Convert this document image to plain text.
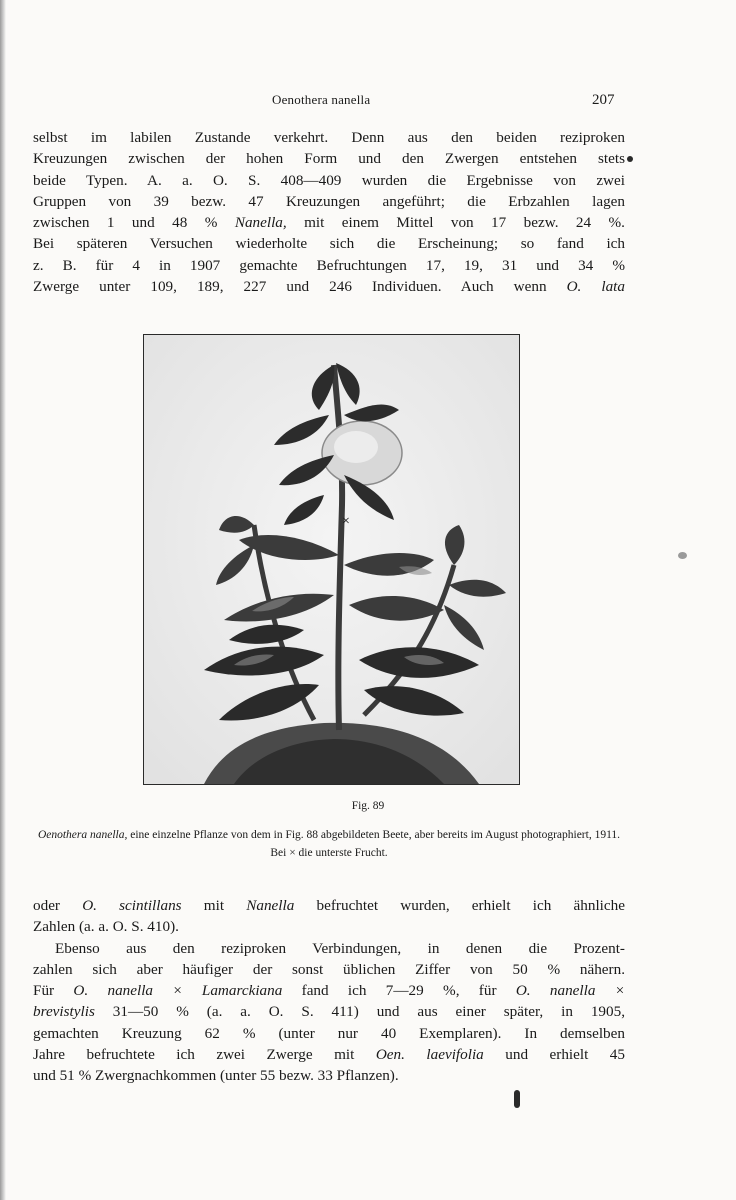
Oenothera nanella	207
selbst im labilen Zustande verkehrt. Denn aus den beiden reziproken
Kreuzungen zwischen der hohen Form und den Zwergen entstehen stets
beide Typen. A. a. O. S. 408—409 wurden die Ergebnisse von zwei
Gruppen von 39 bezw. 47 Kreuzungen angeführt; die Erbzahlen lagen
zwischen 1 und 48 % Nanella, mit einem Mittel von 17 bezw. 24 %.
Bei späteren Versuchen wiederholte sich die Erscheinung; so fand ich
z. B. für 4 in 1907 gemachte Befruchtungen 17, 19, 31 und 34 %
Zwerge unter 109, 189, 227 und 246 Individuen. Auch wenn O. lata
×
Fig. 89
Oenothera nanella, eine einzelne Pflanze von dem in Fig. 88 abgebildeten Beete, aber bereits im August photographiert, 1911. Bei × die unterste Frucht.
oder O. scintillans mit Nanella befruchtet wurden, erhielt ich ähnliche
Zahlen (a. a. O. S. 410).
Ebenso aus den reziproken Verbindungen, in denen die Prozent-
zahlen sich aber häufiger der sonst üblichen Ziffer von 50 % nähern.
Für O. nanella × Lamarckiana fand ich 7—29 %, für O. nanella ×
brevistylis 31—50 % (a. a. O. S. 411) und aus einer später, in 1905,
gemachten Kreuzung 62 % (unter nur 40 Exemplaren). In demselben
Jahre befruchtete ich zwei Zwerge mit Oen. laevifolia und erhielt 45
und 51 % Zwergnachkommen (unter 55 bezw. 33 Pflanzen).
